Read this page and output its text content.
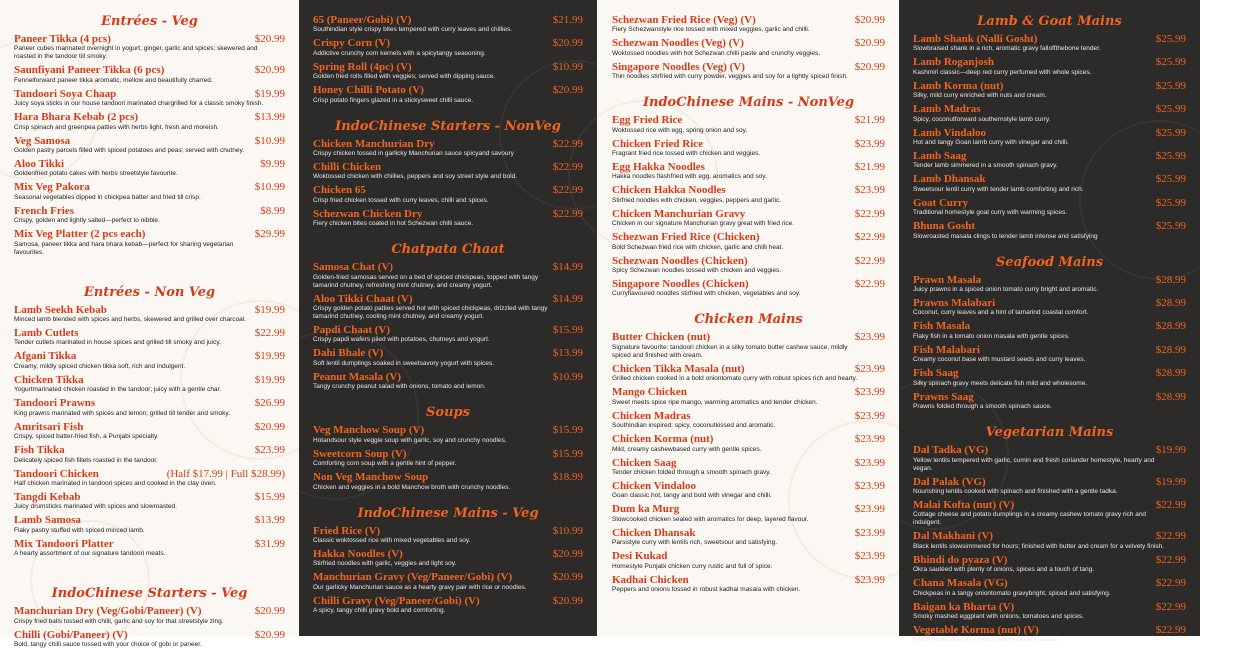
Entrées - Veg
Paneer Tikka (4 pcs)	$20.99
Paneer cubes marinated overnight in yogurt, ginger, garlic and spices; skewered and roasted in the tandoor till smoky.
Saunfiyani Paneer Tikka (6 pcs)	$20.99
Fennelforward paneer tikka aromatic, mellow and beautifully charred.
Tandoori Soya Chaap	$19.99
Juicy soya sticks in our house tandoori marinated chargrilled for a classic smoky finish.
Hara Bhara Kebab (2 pcs)	$13.99
Crisp spinach and greenpea patties with herbs light, fresh and moreish.
Veg Samosa	$10.99
Golden pastry parcels filled with spiced potatoes and peas; served with chutney.
Aloo Tikki	$9.99
Goldenfried potato cakes with herbs streetstyle favourite.
Mix Veg Pakora	$10.99
Seasonal vegetables dipped in chickpea batter and fried till crisp.
French Fries	$8.99
Crispy, golden and lightly salted—perfect to nibble.
Mix Veg Platter (2 pcs each)	$29.99
Samosa, paneer tikka and hara bhara kebab—perfect for sharing vegetarian favourites.
Entrées - Non Veg
Lamb Seekh Kebab	$19.99
Minced lamb blended with spices and herbs, skewered and grilled over charcoal.
Lamb Cutlets	$22.99
Tender cutlets marinated in house spices and grilled till smoky and juicy.
Afgani Tikka	$19.99
Creamy, mildly spiced chicken tikka soft, rich and indulgent.
Chicken Tikka	$19.99
Yogurtmarinated chicken roasted in the tandoor; juicy with a gentle char.
Tandoori Prawns	$26.99
King prawns marinated with spices and lemon; grilled till tender and smoky.
Amritsari Fish	$20.99
Crispy, spiced batter-fried fish, a Punjabi specialty.
Fish Tikka	$23.99
Delicately spiced fish fillets roasted in the tandoor.
Tandoori Chicken	(Half $17.99 | Full $28.99)
Half chicken marinated in tandoori spices and cooked in the clay oven.
Tangdi Kebab	$15.99
Juicy drumsticks marinated with spices and slowroasted.
Lamb Samosa	$13.99
Flaky pastry stuffed with spiced minced lamb.
Mix Tandoori Platter	$31.99
A hearty assortment of our signature tandoori meats.
IndoChinese Starters - Veg
Manchurian Dry (Veg/Gobi/Paneer) (V)	$20.99
Crispy fried balls tossed with chilli, garlic and soy for that streetstyle zing.
Chilli (Gobi/Paneer) (V)	$20.99
Bold, tangy chilli sauce tossed with your choice of gobi or paneer.
65 (Paneer/Gobi) (V)	$21.99
Southindian style crispy bites tempered with curry leaves and chillies.
Crispy Corn (V)	$20.99
Addictive crunchy corn kernels with a spicytangy seasoning.
Spring Roll (4pc) (V)	$10.99
Golden fried rolls filled with veggies; served with dipping sauce.
Honey Chilli Potato (V)	$20.99
Crisp potato fingers glazed in a stickysweet chilli sauce.
IndoChinese Starters - NonVeg
Chicken Manchurian Dry	$22.99
Crispy chicken tossed in garlicky Manchurian sauce spicyand savoury
Chilli Chicken	$22.99
Woktossed chicken with chillies, peppers and soy street style and bold.
Chicken 65	$22.99
Crisp fried chicken tossed with curry leaves, chilli and spices.
Schezwan Chicken Dry	$22.99
Fiery chicken bites coated in hot Schezwan chilli sauce.
Chatpata Chaat
Samosa Chat (V)	$14.99
Golden-fried samosas served on a bed of spiced chickpeas, topped with tangy tamarind chutney, refreshing mint chutney, and creamy yogurt.
Aloo Tikki Chaat (V)	$14.99
Crispy golden potato patties served hot with spiced chickpeas, drizzled with tangy tamarind chutney, cooling mint chutney, and creamy yogurt.
Papdi Chaat (V)	$15.99
Crispy papdi wafers piled with potatoes, chutneys and yogurt.
Dahi Bhale (V)	$13.99
Soft lentil dumplings soaked in sweetsavory yogurt with spices.
Peanut Masala (V)	$10.99
Tangy crunchy peanut salad with onions, tomato and lemon.
Soups
Veg Manchow Soup (V)	$15.99
Hotandsour style veggie soup with garlic, soy and crunchy noodles.
Sweetcorn Soup (V)	$15.99
Comforting corn soup with a gentle hint of pepper.
Non Veg Manchow Soup	$18.99
Chicken and veggies in a bold Manchow broth with crunchy noodles.
IndoChinese Mains - Veg
Fried Rice (V)	$10.99
Classic woktossed rice with mixed vegetables and soy.
Hakka Noodles (V)	$20.99
Stirfried noodles with garlic, veggies and light soy.
Manchurian Gravy (Veg/Paneer/Gobi) (V)	$20.99
Our garlicky Manchurian sauce as a hearty gravy pair with rice or noodles.
Chilli Gravy (Veg/Paneer/Gobi) (V)	$20.99
A spicy, tangy chilli gravy bold and comforting.
Schezwan Fried Rice (Veg) (V)	$20.99
Fiery Schezwanstyle rice tossed with mixed veggies, garlic and chilli.
Schezwan Noodles (Veg) (V)	$20.99
Woktossed noodles with hot Schezwan chilli paste and crunchy veggies.
Singapore Noodles (Veg) (V)	$20.99
Thin noodles stirfried with curry powder, veggies and soy for a lightly spiced finish.
IndoChinese Mains - NonVeg
Egg Fried Rice	$21.99
Woktossed rice with egg, spring onion and soy.
Chicken Fried Rice	$23.99
Fragrant fried rice tossed with chicken and veggies.
Egg Hakka Noodles	$21.99
Hakka noodles flashfried with egg, aromatics and soy.
Chicken Hakka Noodles	$23.99
Stirfried noodles with chicken, veggies, peppers and garlic.
Chicken Manchurian Gravy	$22.99
Chicken in our signature Manchurian gravy great with fried rice.
Schezwan Fried Rice (Chicken)	$22.99
Bold Schezwan fried rice with chicken, garlic and chilli heat.
Schezwan Noodles (Chicken)	$22.99
Spicy Schezwan noodles tossed with chicken and veggies.
Singapore Noodles (Chicken)	$22.99
Curryflavoured noodles stirfried with chicken, vegetables and soy.
Chicken Mains
Butter Chicken (nut)	$23.99
Signature favourite: tandoori chicken in a silky tomato butter cashew sauce, mildly spiced and finished with cream.
Chicken Tikka Masala (nut)	$23.99
Grilled chicken cooked in a bold oniontomato curry with robust spices rich and hearty.
Mango Chicken	$23.99
Sweet meets spice ripe mango, warming aromatics and tender chicken.
Chicken Madras	$23.99
SouthIndian inspired: spicy, coconutkissed and aromatic.
Chicken Korma (nut)	$23.99
Mild, creamy cashewbased curry with gentle spices.
Chicken Saag	$23.99
Tender chicken folded through a smooth spinach gravy.
Chicken Vindaloo	$23.99
Goan classic hot, tangy and bold with vinegar and chilli.
Dum ka Murg	$23.99
Slowcooked chicken sealed with aromatics for deep, layered flavour.
Chicken Dhansak	$23.99
Parsistyle curry with lentils rich, sweetsour and satisfying.
Desi Kukad	$23.99
Homestyle Punjabi chicken curry rustic and full of spice.
Kadhai Chicken	$23.99
Peppers and onions tossed in robust kadhai masala with chicken.
Lamb & Goat Mains
Lamb Shank (Nalli Gosht)	$25.99
Slowbraised shank in a rich, aromatic gravy falloffthebone tender.
Lamb Roganjosh	$25.99
Kashmiri classic—deep red curry perfumed with whole spices.
Lamb Korma (nut)	$25.99
Silky, mild curry enriched with nuts and cream.
Lamb Madras	$25.99
Spicy, coconutforward southernstyle lamb curry.
Lamb Vindaloo	$25.99
Hot and tangy Goan lamb curry with vinegar and chilli.
Lamb Saag	$25.99
Tender lamb simmered in a smooth spinach gravy.
Lamb Dhansak	$25.99
Sweetsour lentil curry with tender lamb comforting and rich.
Goat Curry	$25.99
Traditional homestyle goat curry with warming spices.
Bhuna Gosht	$25.99
Slowroasted masala clings to tender lamb intense and satisfying
Seafood Mains
Prawn Masala	$28.99
Juicy prawns in a spiced onion tomato curry bright and aromatic.
Prawns Malabari	$28.99
Coconut, curry leaves and a hint of tamarind coastal comfort.
Fish Masala	$28.99
Flaky fish in a tomato onion masala with gentle spices.
Fish Malabari	$28.99
Creamy coconut base with mustard seeds and curry leaves.
Fish Saag	$28.99
Silky spinach gravy meets delicate fish mild and wholesome.
Prawns Saag	$28.99
Prawns folded through a smooth spinach sauce.
Vegetarian Mains
Dal Tadka (VG)	$19.99
Yellow lentils tempered with garlic, cumin and fresh coriander homestyle, hearty and vegan.
Dal Palak (VG)	$19.99
Nourishing lentils cooked with spinach and finished with a gentle tadka.
Malai Kofta (nut) (V)	$22.99
Cottage cheese and potato dumplings in a creamy cashew tomato gravy rich and indulgent.
Dal Makhani (V)	$22.99
Black lentils slowsimmered for hours; finished with butter and cream for a velvety finish.
Bhindi do pyaza (V)	$22.99
Okra sautéed with plenty of onions, spices and a touch of tang.
Chana Masala (VG)	$22.99
Chickpeas in a tangy oniontomato gravybright, spiced and satisfying.
Baigan ka Bharta (V)	$22.99
Smoky mashed eggplant with onions, tomatoes and spices.
Vegetable Korma (nut) (V)	$22.99
Mixed vegetables in a mild, creamy cashew sauce.
